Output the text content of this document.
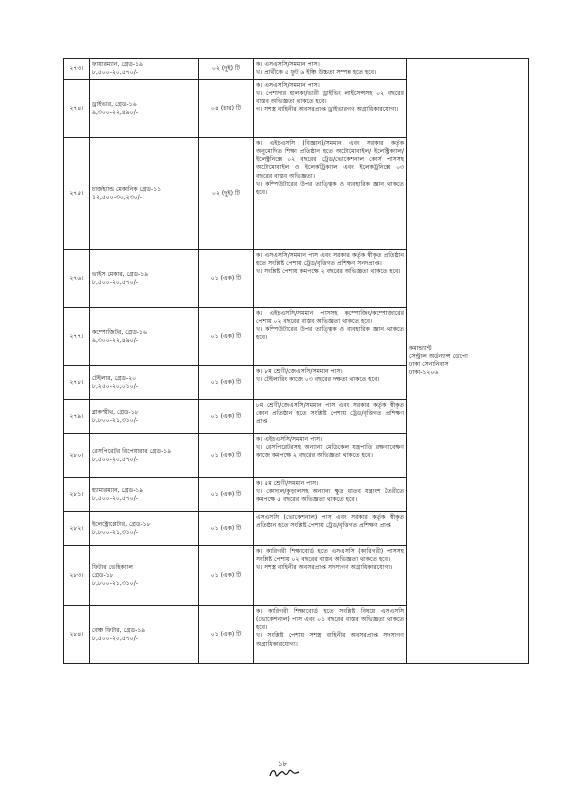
২৭৩।	ফায়ারম্যান, গ্রেড-১৯
৮,৫০০-২০,৫৭০/-	০২ (দুই) টি	ক। এসএসসি/সমমান পাস।
খ। প্রার্থীকে ৫ ফুট ৬ ইঞ্চি উচ্চতা সম্পন্ন হতে হবে।	কমান্ড্যান্ট
সেন্ট্রাল অর্ডন্যান্স ডেপো
ঢাকা সেনানিবাস
ঢাকা-১২০৬

২৭৪।	ড্রাইভার, গ্রেড-১৬
৯,৩০০-২২,৪৯০/-	০৪ (চার) টি	ক। এসএসসি/সমমান পাস।
খ। পেশাদার হালকা/ভারী ড্রাইভিং লাইসেন্সসহ ০২ বছরের বাস্তব অভিজ্ঞতা থাকতে হবে।
গ। সশস্ত্র বাহিনীর অবসরপ্রাপ্ত ড্রাইভারগণ অগ্রাধিকারযোগ্য।	

২৭৫।	চার্জহ্যান্ড মেকানিক গ্রেড-১১
১২,৫০০-৩০,২৩০/-	০২ (দুই) টি	ক। এইচএসসি (বিজ্ঞান)/সমমান এবং সরকার কর্তৃক অনুমোদিত শিক্ষা প্রতিষ্ঠান হতে অটোমোবাইল/ ইলেক্ট্রিক্যাল/ইলেক্ট্রনিক্সে ০২ বছরের ট্রেড/ভোকেশনাল কোর্স পাসসহ অটোমোবাইল ও ইলেকট্রিক্যাল এবং ইলেকট্রনিক্সে ০৩ বছরের বাস্তব অভিজ্ঞতা।
খ। কম্পিউটারের উপর তাত্ত্বিক ও ব্যবহারিক জ্ঞান থাকতে হবে।	

২৭৬।	ভাইস মেকার, গ্রেড-১৯
৮,৫০০-২০,৫৭০/-	০১ (এক) টি	ক। এসএসসি/সমমান পাস এবং সরকার কর্তৃক স্বীকৃত প্রতিষ্ঠান হতে সংশ্লিষ্ট পেশায় ট্রেড/বৃত্তিগত প্রশিক্ষণ সনদপ্রাপ্ত।
খ। সংশ্লিষ্ট পেশায় কমপক্ষে ২ বছরের অভিজ্ঞতা থাকতে হবে।	

২৭৭।	কম্পোজিটর, গ্রেড-১৬
৯,৩০০-২২,৪৯০/-	০১ (এক) টি	ক। এইচএসসি/সমমান পাসসহ কম্পোজিং/কম্পোজারের পেশায় ০২ বছরের বাস্তব অভিজ্ঞতা থাকতে হবে।
খ। কম্পিউটারের উপর তাত্ত্বিক ও ব্যবহারিক জ্ঞান থাকতে হবে।	

২৭৮।	টেইলার, গ্রেড-২০
৮,২৫০-২০,০১০/-	০১ (এক) টি	ক। ৮ম শ্রেণী/জেএসসি/সমমান পাস।
খ। টেইলারিং কাজে ০৩ বছরের দক্ষতা থাকতে হবে।	

২৭৯।	ব্লাকস্মীথ, গ্রেড-১৮
৮,৮০০-২১,৩১০/-	০১ (এক) টি	৮ম শ্রেণী/জেএসসি/সমমান পাস এবং সরকার কর্তৃক স্বীকৃত কোন প্রতিষ্ঠান হতে সংশ্লিষ্ট পেশায় ট্রেড/বৃত্তিগত প্রশিক্ষণ প্রাপ্ত	

২৮০।	রেসপিরেটর রিপেয়ারার গ্রেড-১৯
৮,৫০০-২০,৫৭০/-	০১ (এক) টি	ক। এইচএসসি/সমমান পাস।
খ। রেসপিরেটরসহ অন্যান্য মেডিকেল যন্ত্রপাতি রক্ষণাবেক্ষণ কাজে কমপক্ষে ২ বছরের অভিজ্ঞতা থাকতে হবে।	

২৮১।	হ্যামারম্যান, গ্রেড-১৯
৮,৫০০-২০,৫৭০/-	০১ (এক) টি	ক। ৫ম শ্রেণী/সমমান পাস।
খ। কোদাল/কুড়ালসহ অন্যান্য ক্ষুদ্র ধাতব যন্ত্রাংশ তৈরীতে কমপক্ষে ৫ বছরের অভিজ্ঞতা থাকতে হবে।	

২৮২।	ইলেক্ট্রোপ্লেটার, গ্রেড-১৮
৮,৮০০-২১,৩১০/-	০১ (এক) টি	এসএসসি (ভোকেশনাল) পাস এবং সরকার কর্তৃক স্বীকৃত প্রতিষ্ঠান হতে সংশ্লিষ্ট পেশায় ট্রেড/বৃত্তিগত প্রশিক্ষণ প্রাপ্ত	

২৮৩।	ফিটার ভেহিক্যাল
গ্রেড-১৮
৮,৮০০-২১,৩১০/-	০১ (এক) টি	ক। কারিগরী শিক্ষাবোর্ড হতে এসএসসি (কারিগরী) পাসসহ সংশ্লিষ্ট পেশায় ০২ বছরের বাস্তব অভিজ্ঞতা থাকতে হবে।
খ। সশস্ত্র বাহিনীর অবসরপ্রাপ্ত সদস্যগণ অগ্রাধিকারযোগ্য।	

২৮৪।	বেঞ্চ ফিটার, গ্রেড-১৯
৮,৫০০-২০,৫৭০/-	০১ (এক) টি	ক। কারিগরী শিক্ষাবোর্ড হতে সংশ্লিষ্ট বিষয়ে এসএসসি (ভোকেশনাল) পাস এবং ০১ বছরের বাস্তব অভিজ্ঞতা থাকতে হবে।
খ। সংশ্লিষ্ট পেশায় সশস্ত্র বাহিনীর অবসরপ্রাপ্ত সদস্যগণ অগ্রাধিকারযোগ্য।	
১৮
